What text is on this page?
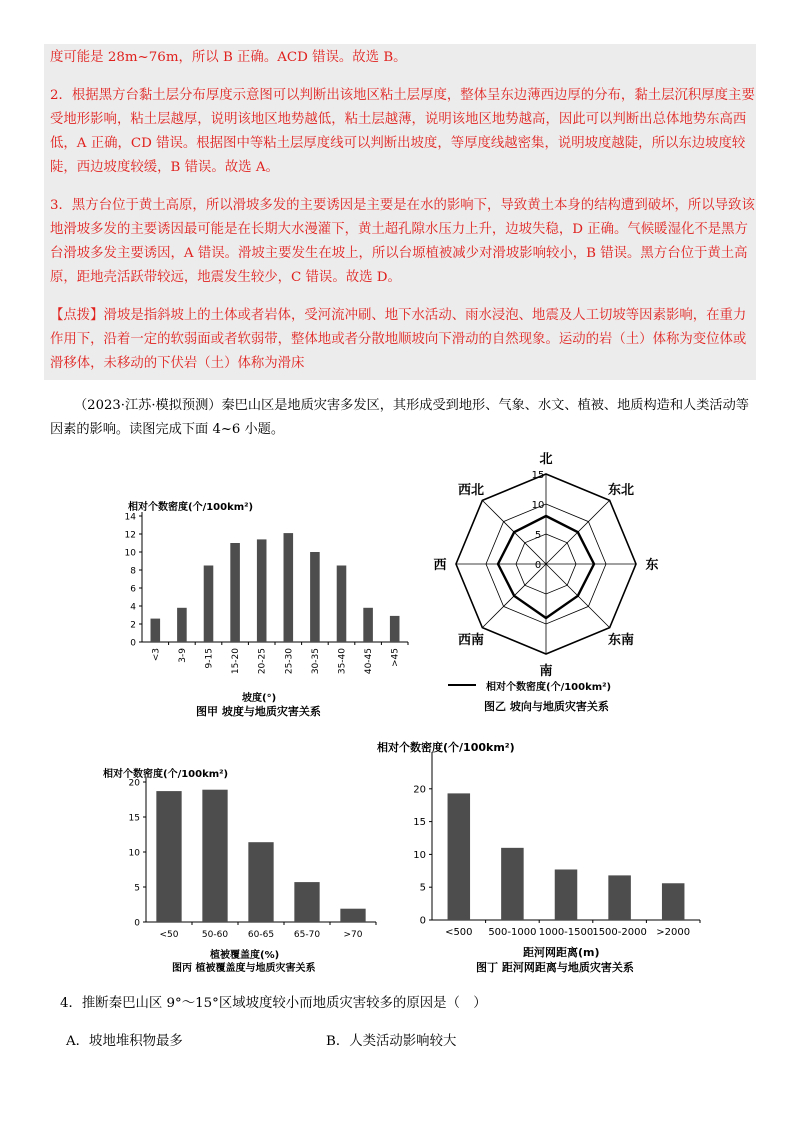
度可能是 28m~76m，所以 B 正确。ACD 错误。故选 B。

2．根据黑方台黏土层分布厚度示意图可以判断出该地区粘土层厚度，整体呈东边薄西边厚的分布，黏土层沉积厚度主要受地形影响，粘土层越厚，说明该地区地势越低，粘土层越薄，说明该地区地势越高，因此可以判断出总体地势东高西低，A 正确，CD 错误。根据图中等粘土层厚度线可以判断出坡度，等厚度线越密集，说明坡度越陡，所以东边坡度较陡，西边坡度较缓，B 错误。故选 A。

3．黑方台位于黄土高原，所以滑坡多发的主要诱因是主要是在水的影响下，导致黄土本身的结构遭到破坏，所以导致该地滑坡多发的主要诱因最可能是在长期大水漫灌下，黄土超孔隙水压力上升，边坡失稳，D 正确。气候暖湿化不是黑方台滑坡多发主要诱因，A 错误。滑坡主要发生在坡上，所以台塬植被减少对滑坡影响较小，B 错误。黑方台位于黄土高原，距地壳活跃带较远，地震发生较少，C 错误。故选 D。

【点拨】滑坡是指斜坡上的土体或者岩体，受河流冲刷、地下水活动、雨水浸泡、地震及人工切坡等因素影响，在重力作用下，沿着一定的软弱面或者软弱带，整体地或者分散地顺坡向下滑动的自然现象。运动的岩（土）体称为变位体或滑移体，未移动的下伏岩（土）体称为滑床

（2023·江苏·模拟预测）秦巴山区是地质灾害多发区，其形成受到地形、气象、水文、植被、地质构造和人类活动等因素的影响。读图完成下面 4~6 小题。

相对个数密度(个/100km²)
0
2
4
6
8
10
12
14
<3 3-9 9-15 15-20 20-25 25-30 30-35 35-40 40-45 >45
坡度(°)
图甲 坡度与地质灾害关系
0
5
10
15
北
东北
东
东南
南
西南
西
西北
相对个数密度(个/100km²)
图乙 坡向与地质灾害关系
相对个数密度(个/100km²)
0
5
10
15
20
<50	50-60 60-65 65-70	>70
植被覆盖度(%)
图丙 植被覆盖度与地质灾害关系
相对个数密度(个/100km²)
0
5
10
15
20
<500 500-1000 1000-1500 1500-2000 >2000
距河网距离(m)
图丁 距河网距离与地质灾害关系

4．推断秦巴山区 9°～15°区域坡度较小而地质灾害较多的原因是（　）

A．坡地堆积物最多	B．人类活动影响较大
